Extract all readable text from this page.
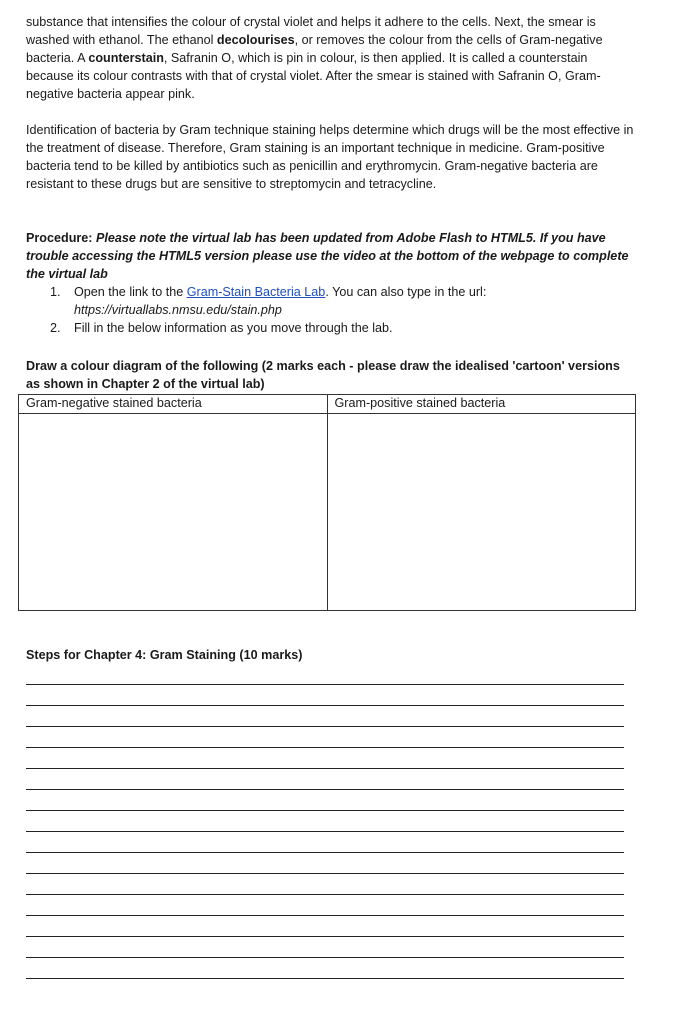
substance that intensifies the colour of crystal violet and helps it adhere to the cells. Next, the smear is washed with ethanol. The ethanol decolourises, or removes the colour from the cells of Gram-negative bacteria. A counterstain, Safranin O, which is pin in colour, is then applied. It is called a counterstain because its colour contrasts with that of crystal violet. After the smear is stained with Safranin O, Gram-negative bacteria appear pink.

Identification of bacteria by Gram technique staining helps determine which drugs will be the most effective in the treatment of disease. Therefore, Gram staining is an important technique in medicine. Gram-positive bacteria tend to be killed by antibiotics such as penicillin and erythromycin. Gram-negative bacteria are resistant to these drugs but are sensitive to streptomycin and tetracycline.

Procedure: Please note the virtual lab has been updated from Adobe Flash to HTML5. If you have trouble accessing the HTML5 version please use the video at the bottom of the webpage to complete the virtual lab

1. Open the link to the Gram-Stain Bacteria Lab. You can also type in the url:
https://virtuallabs.nmsu.edu/stain.php
2. Fill in the below information as you move through the lab.

Draw a colour diagram of the following (2 marks each - please draw the idealised 'cartoon' versions as shown in Chapter 2 of the virtual lab)

Gram-negative stained bacteria	Gram-positive stained bacteria

Steps for Chapter 4: Gram Staining (10 marks)
